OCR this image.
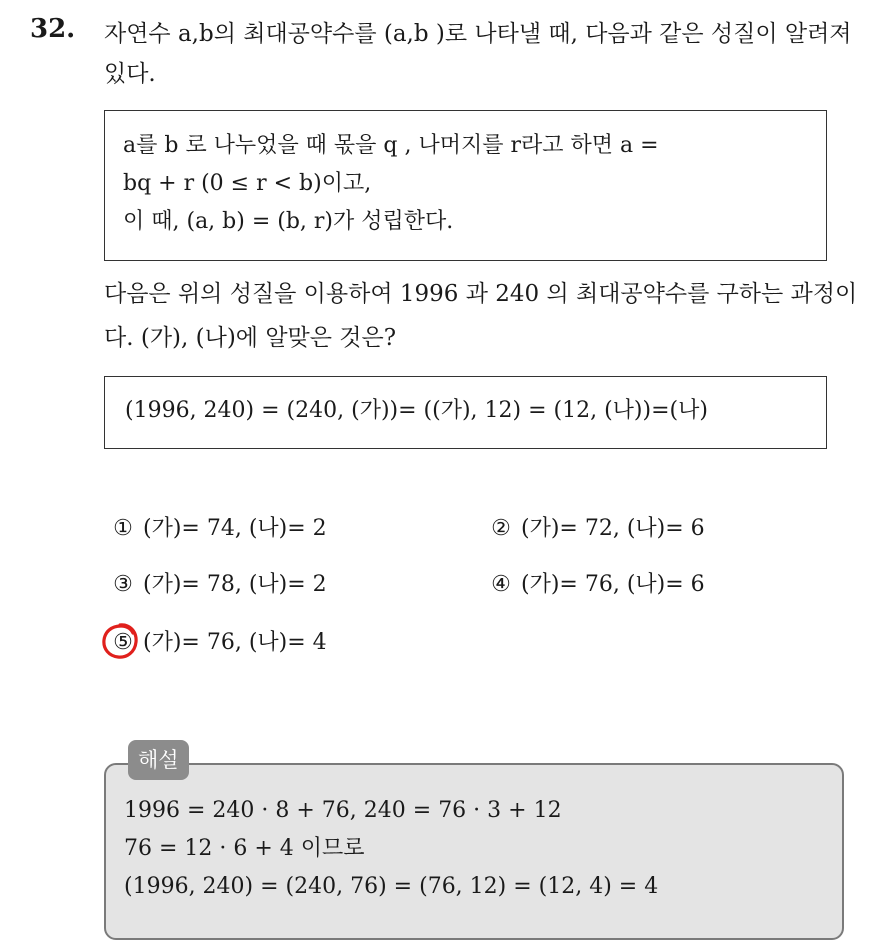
32. 자연수 a,b의 최대공약수를 (a,b )로 나타낼 때, 다음과 같은 성질이 알려져 있다.
a를 b 로 나누었을 때 몫을 q , 나머지를 r라고 하면 a =
bq + r (0 ≤ r < b)이고,
이 때, (a, b) = (b, r)가 성립한다.
다음은 위의 성질을 이용하여 1996 과 240 의 최대공약수를 구하는 과정이다. (가), (나)에 알맞은 것은?
(1996, 240) = (240, (가))= ((가), 12) = (12, (나))=(나)
① (가)= 74, (나)= 2	② (가)= 72, (나)= 6
③ (가)= 78, (나)= 2	④ (가)= 76, (나)= 6
⑤ (가)= 76, (나)= 4
해설
1996 = 240 · 8 + 76, 240 = 76 · 3 + 12
76 = 12 · 6 + 4 이므로
(1996, 240) = (240, 76) = (76, 12) = (12, 4) = 4
